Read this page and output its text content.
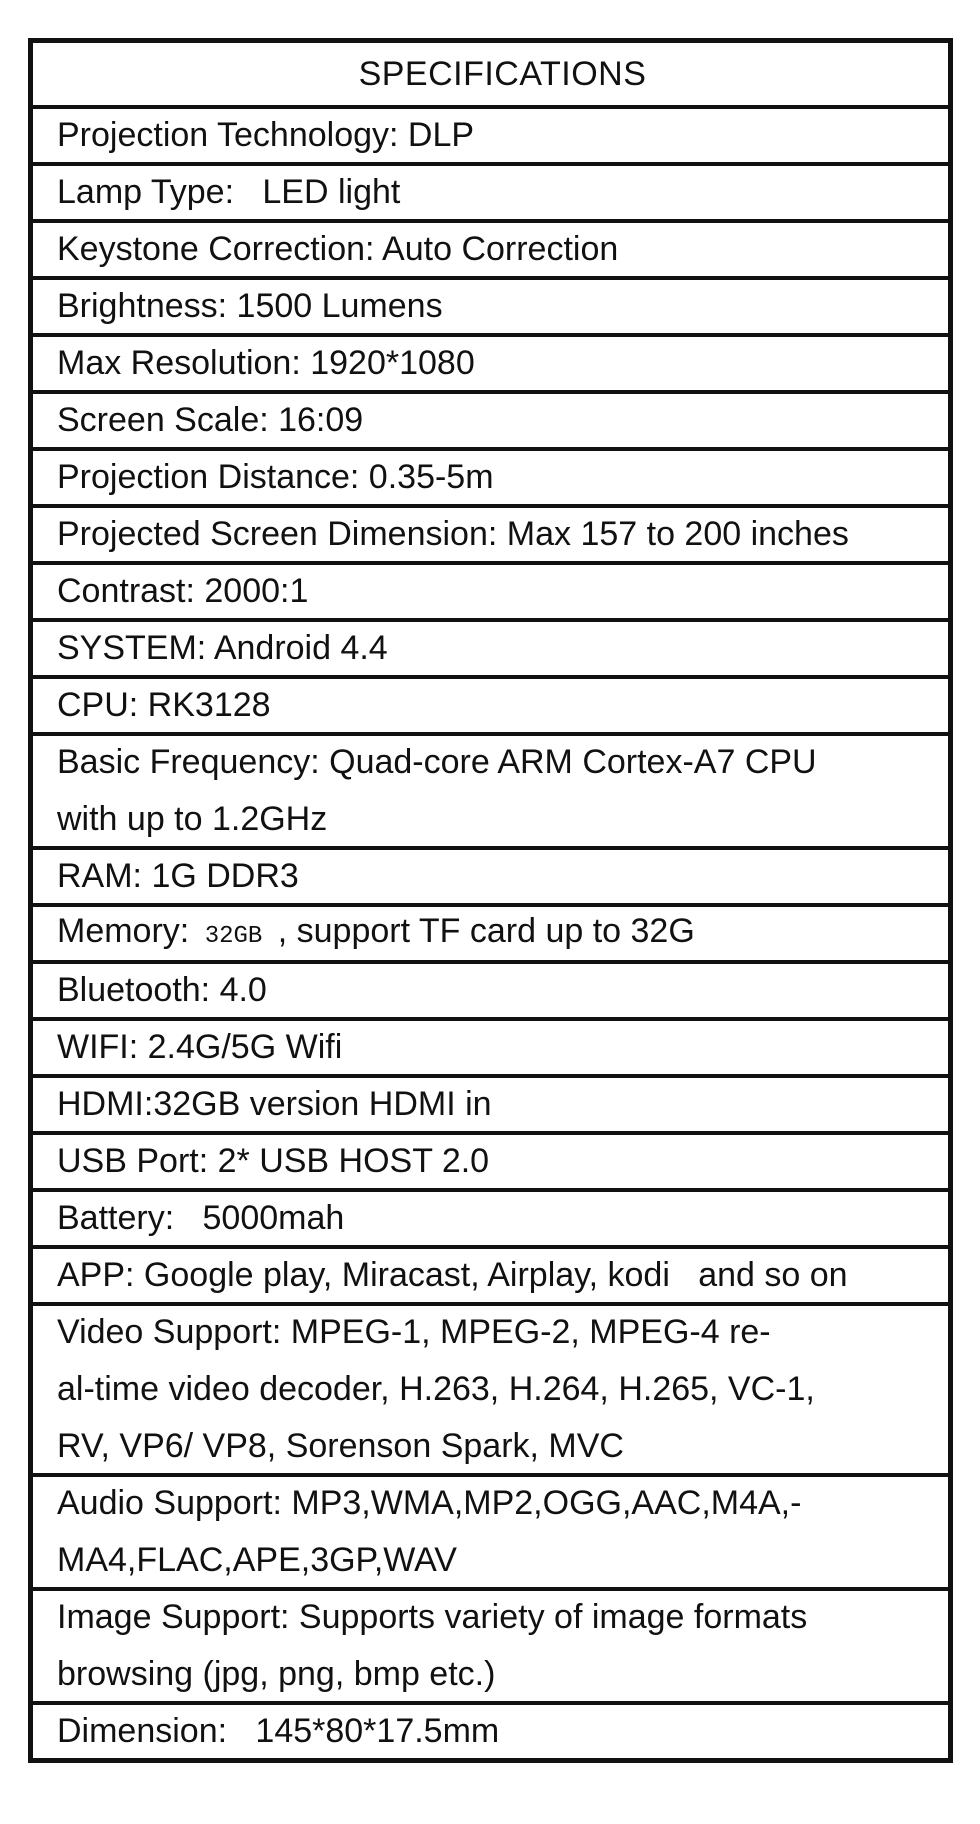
SPECIFICATIONS
Projection Technology: DLP
Lamp Type:   LED light
Keystone Correction: Auto Correction
Brightness: 1500 Lumens
Max Resolution: 1920*1080
Screen Scale: 16:09
Projection Distance: 0.35-5m
Projected Screen Dimension: Max 157 to 200 inches
Contrast: 2000:1
SYSTEM: Android 4.4
CPU: RK3128
Basic Frequency: Quad-core ARM Cortex-A7 CPU
with up to 1.2GHz
RAM: 1G DDR3
Memory: 32GB , support TF card up to 32G
Bluetooth: 4.0
WIFI: 2.4G/5G Wifi
HDMI:32GB version HDMI in
USB Port: 2* USB HOST 2.0
Battery:   5000mah
APP: Google play, Miracast, Airplay, kodi   and so on
Video Support: MPEG-1, MPEG-2, MPEG-4 re-
al-time video decoder, H.263, H.264, H.265, VC-1,
RV, VP6/ VP8, Sorenson Spark, MVC
Audio Support: MP3,WMA,MP2,OGG,AAC,M4A,-
MA4,FLAC,APE,3GP,WAV
Image Support: Supports variety of image formats
browsing (jpg, png, bmp etc.)
Dimension:   145*80*17.5mm
